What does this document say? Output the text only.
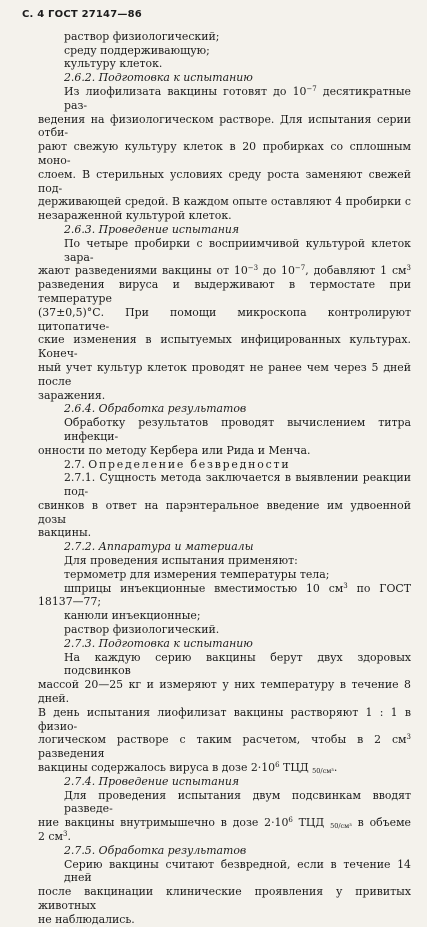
С. 4 ГОСТ 27147—86
раствор физиологический;
среду поддерживающую;
культуру клеток.
2.6.2. Подготовка к испытанию
Из лиофилизата вакцины готовят до $10^{-7}$ десятикратные раз-
ведения на физиологическом растворе. Для испытания серии отби-
рают свежую культуру клеток в 20 пробирках со сплошным моно-
слоем. В стерильных условиях среду роста заменяют свежей под-
держивающей средой. В каждом опыте оставляют 4 пробирки с
незараженной культурой клеток.
2.6.3. Проведение испытания
По четыре пробирки с восприимчивой культурой клеток зара-
жают разведениями вакцины от $10^{-3}$ до $10^{-7}$, добавляют 1 $см^3$
разведения вируса и выдерживают в термостате при температуре
(37±0,5)°С. При помощи микроскопа контролируют цитопатиче-
ские изменения в испытуемых инфицированных культурах. Конеч-
ный учет культур клеток проводят не ранее чем через 5 дней после
заражения.
2.6.4. Обработка результатов
Обработку результатов проводят вычислением титра инфекци-
онности по методу Кербера или Рида и Менча.
2.7. Определение безвредности
2.7.1. Сущность метода заключается в выявлении реакции под-
свинков в ответ на парэнтеральное введение им удвоенной дозы
вакцины.
2.7.2. Аппаратура и материалы
Для проведения испытания применяют:
термометр для измерения температуры тела;
шприцы инъекционные вместимостью 10 $см^3$ по ГОСТ
18137—77;
канюли инъекционные;
раствор физиологический.
2.7.3. Подготовка к испытанию
На каждую серию вакцины берут двух здоровых подсвинков
массой 20—25 кг и измеряют у них температуру в течение 8 дней.
В день испытания лиофилизат вакцины растворяют 1 : 1 в физио-
логическом растворе с таким расчетом, чтобы в 2 $см^3$ разведения
вакцины содержалось вируса в дозе $2\cdot 10^6$ ТЦД $_{50/см^3}$.
2.7.4. Проведение испытания
Для проведения испытания двум подсвинкам вводят разведе-
ние вакцины внутримышечно в дозе $2\cdot 10^6$ ТЦД $_{50/см^3}$ в объеме
2 $см^3$.
2.7.5. Обработка результатов
Серию вакцины считают безвредной, если в течение 14 дней
после вакцинации клинические проявления у привитых животных
не наблюдались.
